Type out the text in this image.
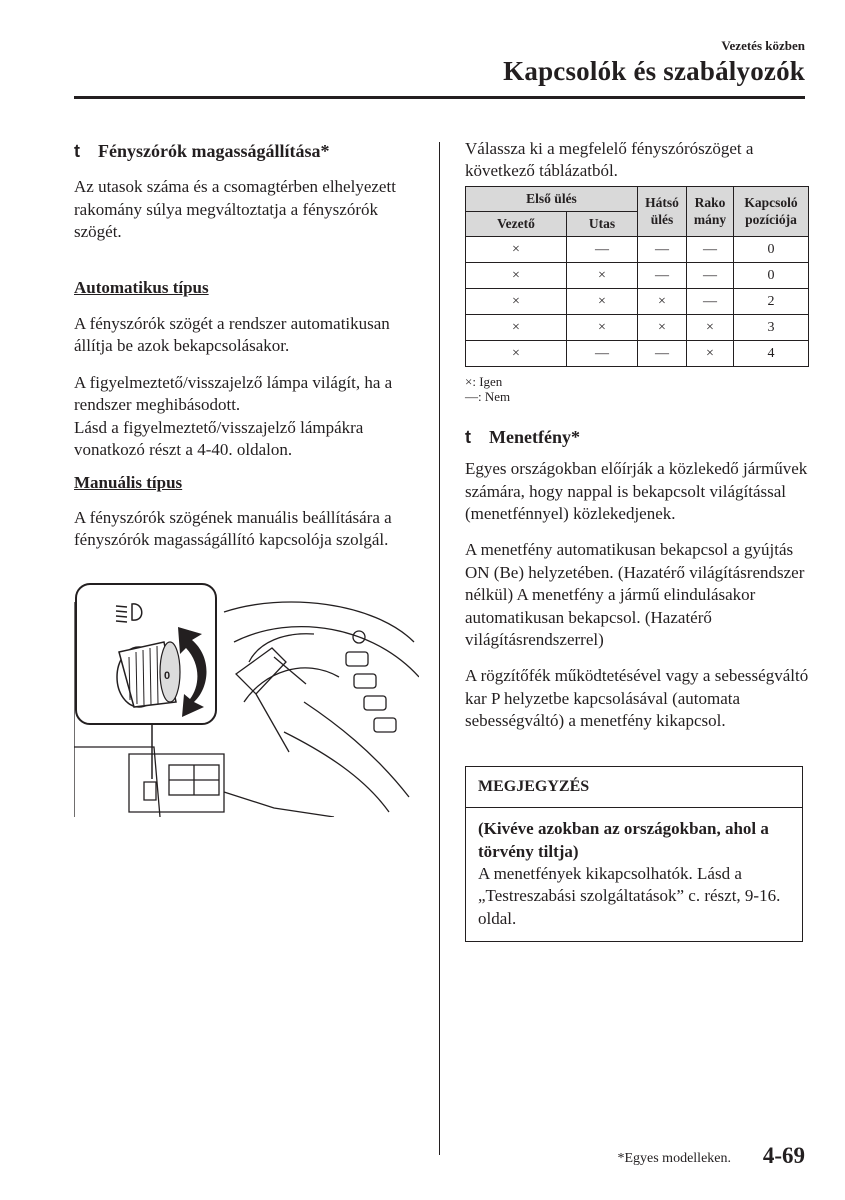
Vezetés közben
Kapcsolók és szabályozók
t	Fényszórók magasságállítása*

Az utasok száma és a csomagtérben elhelyezett rakomány súlya megváltoztatja a fényszórók szögét.

Automatikus típus

A fényszórók szögét a rendszer automatikusan állítja be azok bekapcsolásakor.

A figyelmeztető/visszajelző lámpa világít, ha a rendszer meghibásodott.

Lásd a figyelmeztető/visszajelző lámpákra vonatkozó részt a 4-40. oldalon.

Manuális típus

A fényszórók szögének manuális beállítására a fényszórók magasságállító kapcsolója szolgál.

0

Válassza ki a megfelelő fényszórószöget a következő táblázatból.

Első ülés		Hátsó ülés	Rako mány	Kapcsoló pozíciója
Vezető	Utas			
×	—	—	—	0
×	×	—	—	0
×	×	×	—	2
×	×	×	×	3
×	—	—	×	4
×: Igen
—: Nem
t	Menetfény*

Egyes országokban előírják a közlekedő járművek számára, hogy nappal is bekapcsolt világítással (menetfénnyel) közlekedjenek.

A menetfény automatikusan bekapcsol a gyújtás ON (Be) helyzetében. (Hazatérő világításrendszer nélkül) A menetfény a jármű elindulásakor automatikusan bekapcsol. (Hazatérő világításrendszerrel)

A rögzítőfék működtetésével vagy a sebességváltó kar P helyzetbe kapcsolásával (automata sebességváltó) a menetfény kikapcsol.

MEGJEGYZÉS

(Kivéve azokban az országokban, ahol a törvény tiltja)

A menetfények kikapcsolhatók. Lásd a „Testreszabási szolgáltatások” c. részt, 9-16. oldal.

*Egyes modelleken. 4-69
